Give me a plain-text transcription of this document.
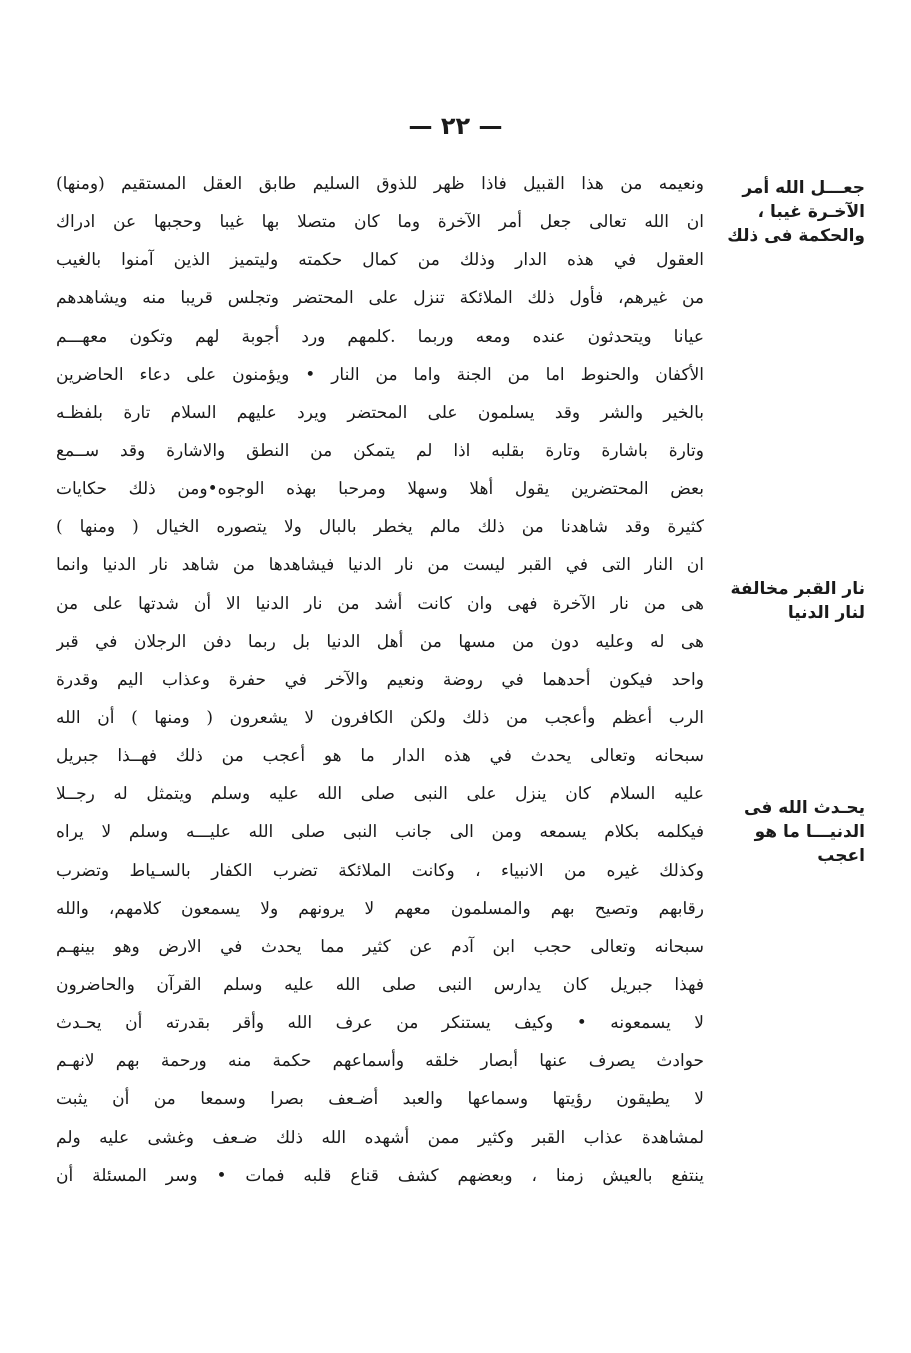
— ٢٢ —
جعـــل الله أمر
الآخـرة غيبا ،
والحكمة فى ذلك
نار القبر مخالفة
لنار الدنيا
يحـدث الله فى
الدنيـــا ما هو
اعجب
ونعيمه من هذا القبيل فاذا ظهر للذوق السليم طابق العقل المستقيم (ومنها)
ان الله تعالى جعل أمر الآخرة وما كان متصلا بها غيبا وحجبها عن ادراك
العقول في هذه الدار وذلك من كمال حكمته وليتميز الذين آمنوا بالغيب
من غيرهم، فأول ذلك الملائكة تنزل على المحتضر وتجلس قريبا منه ويشاهدهم
عيانا ويتحدثون عنده ومعه وربما .كلمهم ورد أجوبة لهم وتكون معهـــم
الأكفان والحنوط اما من الجنة واما من النار • ويؤمنون على دعاء الحاضرين
بالخير والشر وقد يسلمون على المحتضر ويرد عليهم السلام تارة بلفظـه
وتارة باشارة وتارة بقلبه اذا لم يتمكن من النطق والاشارة وقد ســمع
بعض المحتضرين يقول أهلا وسهلا ومرحبا بهذه الوجوه•ومن ذلك حكايات
كثيرة وقد شاهدنا من ذلك مالم يخطر بالبال ولا يتصوره الخيال ( ومنها )
ان النار التى في القبر ليست من نار الدنيا فيشاهدها من شاهد نار الدنيا وانما
هى من نار الآخرة فهى وان كانت أشد من نار الدنيا الا أن شدتها على من
هى له وعليه دون من مسها من أهل الدنيا بل ربما دفن الرجلان في قبر
واحد فيكون أحدهما في روضة ونعيم والآخر في حفرة وعذاب اليم وقدرة
الرب أعظم وأعجب من ذلك ولكن الكافرون لا يشعرون ( ومنها ) أن الله
سبحانه وتعالى يحدث في هذه الدار ما هو أعجب من ذلك فهــذا جبريل
عليه السلام كان ينزل على النبى صلى الله عليه وسلم ويتمثل له رجــلا
فيكلمه بكلام يسمعه ومن الى جانب النبى صلى الله عليـــه وسلم لا يراه
وكذلك غيره من الانبياء ، وكانت الملائكة تضرب الكفار بالسـياط وتضرب
رقابهم وتصيح بهم والمسلمون معهم لا يرونهم ولا يسمعون كلامهم، والله
سبحانه وتعالى حجب ابن آدم عن كثير مما يحدث في الارض وهو بينهـم
فهذا جبريل كان يدارس النبى صلى الله عليه وسلم القرآن والحاضرون
لا يسمعونه • وكيف يستنكر من عرف الله وأقر بقدرته أن يحـدث
حوادث يصرف عنها أبصار خلقه وأسماعهم حكمة منه ورحمة بهم لانهـم
لا يطيقون رؤيتها وسماعها والعبد أضـعف بصرا وسمعا من أن يثبت
لمشاهدة عذاب القبر وكثير ممن أشهده الله ذلك ضـعف وغشى عليه ولم
ينتفع بالعيش زمنا ، وبعضهم كشف قناع قلبه فمات • وسر المسئلة أن
